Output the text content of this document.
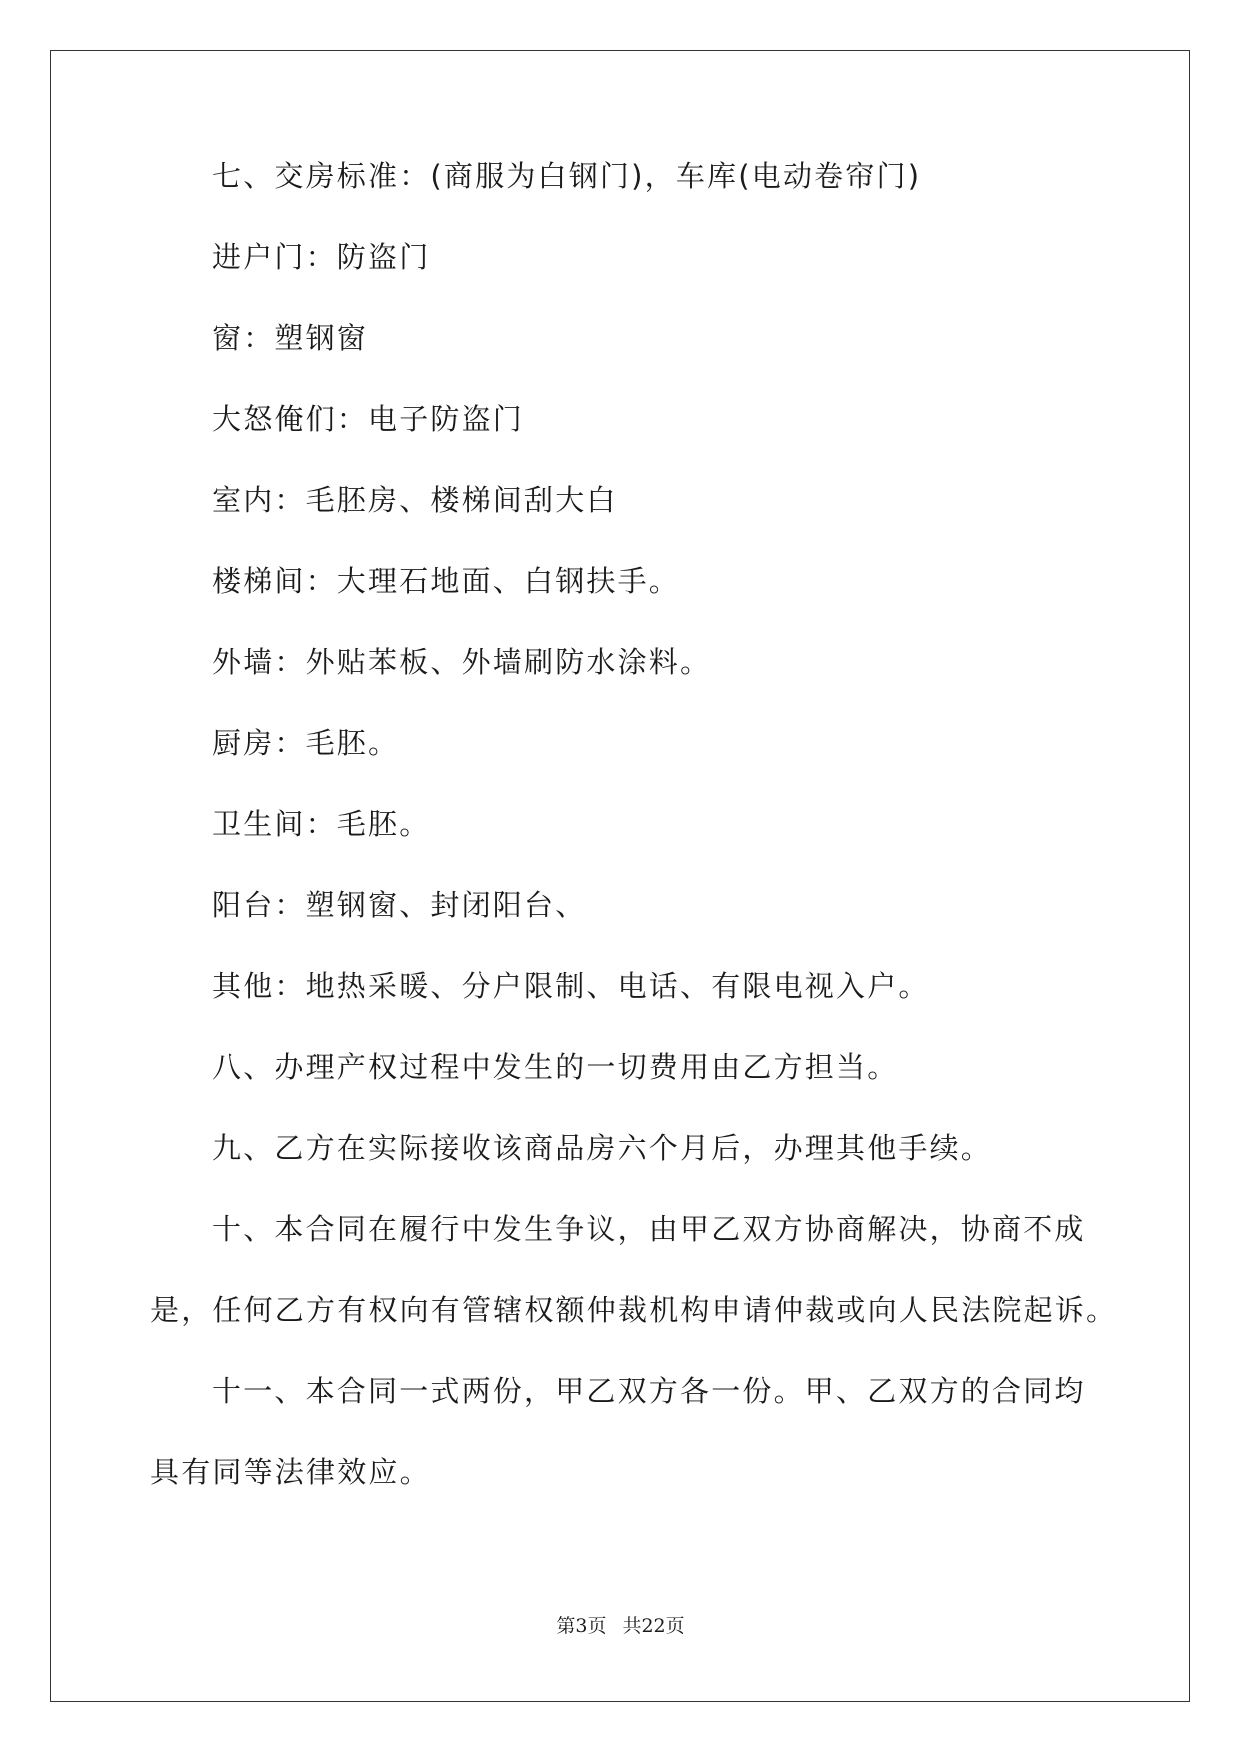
七、交房标准：(商服为白钢门)，车库(电动卷帘门)
进户门：防盗门
窗：塑钢窗
大怒俺们：电子防盗门
室内：毛胚房、楼梯间刮大白
楼梯间：大理石地面、白钢扶手。
外墙：外贴苯板、外墙刷防水涂料。
厨房：毛胚。
卫生间：毛胚。
阳台：塑钢窗、封闭阳台、
其他：地热采暖、分户限制、电话、有限电视入户。
八、办理产权过程中发生的一切费用由乙方担当。
九、乙方在实际接收该商品房六个月后，办理其他手续。
十、本合同在履行中发生争议，由甲乙双方协商解决，协商不成
是，任何乙方有权向有管辖权额仲裁机构申请仲裁或向人民法院起诉。
十一、本合同一式两份，甲乙双方各一份。甲、乙双方的合同均
具有同等法律效应。
第3页 共22页
